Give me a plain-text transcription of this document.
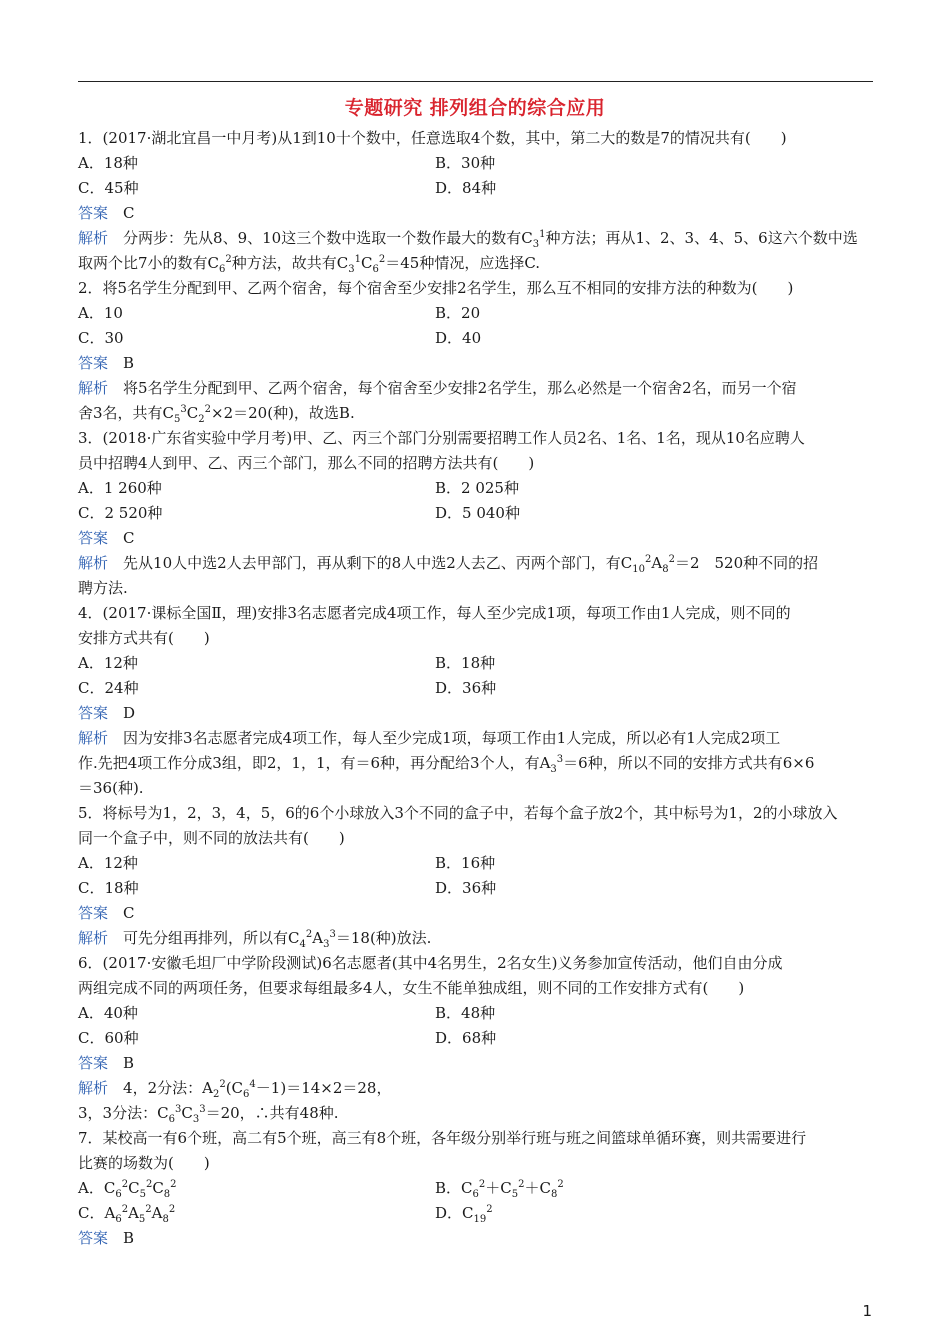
专题研究 排列组合的综合应用
1．(2017·湖北宜昌一中月考)从1到10十个数中，任意选取4个数，其中，第二大的数是7的情况共有(　　)
A．18种	B．30种
C．45种	D．84种
答案　 C
解析　 分两步：先从8、9、10这三个数中选取一个数作最大的数有$C_3^1$种方法；再从1、2、3、4、5、6这六个数中选
取两个比7小的数有$C_6^2$种方法，故共有$C_3^1C_6^2=45$种情况，应选择C.
2．将5名学生分配到甲、乙两个宿舍，每个宿舍至少安排2名学生，那么互不相同的安排方法的种数为(　　)
A．10	B．20
C．30	D．40
答案　 B
解析　 将5名学生分配到甲、乙两个宿舍，每个宿舍至少安排2名学生，那么必然是一个宿舍2名，而另一个宿
舍3名，共有$C_5^3C_2^2\times 2=20$(种)，故选B.
3．(2018·广东省实验中学月考)甲、乙、丙三个部门分别需要招聘工作人员2名、1名、1名，现从10名应聘人
员中招聘4人到甲、乙、丙三个部门，那么不同的招聘方法共有(　　)
A．1 260种	B．2 025种
C．2 520种	D．5 040种
答案　 C
解析　 先从10人中选2人去甲部门，再从剩下的8人中选2人去乙、丙两个部门，有$C_{10}^2A_8^2=2$　520种不同的招
聘方法.
4．(2017·课标全国Ⅱ，理)安排3名志愿者完成4项工作，每人至少完成1项，每项工作由1人完成，则不同的
安排方式共有(　　)
A．12种	B．18种
C．24种	D．36种
答案　 D
解析　 因为安排3名志愿者完成4项工作，每人至少完成1项，每项工作由1人完成，所以必有1人完成2项工
作.先把4项工作分成3组，即2，1，1，有＝6种，再分配给3个人，有$A_3^3=6$种，所以不同的安排方式共有6×6
＝36(种).
5．将标号为1，2，3，4，5，6的6个小球放入3个不同的盒子中，若每个盒子放2个，其中标号为1，2的小球放入
同一个盒子中，则不同的放法共有(　　)
A．12种	B．16种
C．18种	D．36种
答案　 C
解析　 可先分组再排列，所以有$C_4^2A_3^3=18$(种)放法.
6．(2017·安徽毛坦厂中学阶段测试)6名志愿者(其中4名男生，2名女生)义务参加宣传活动，他们自由分成
两组完成不同的两项任务，但要求每组最多4人，女生不能单独成组，则不同的工作安排方式有(　　)
A．40种	B．48种
C．60种	D．68种
答案　 B
解析　 4，2分法：$A_2^2(C_6^4-1)=14\times 2=28$，
3，3分法：$C_6^3C_3^3=20$，∴共有48种.
7．某校高一有6个班，高二有5个班，高三有8个班，各年级分别举行班与班之间篮球单循环赛，则共需要进行
比赛的场数为(　　)
A．$C_6^2C_5^2C_8^2$	B．$C_6^2+C_5^2+C_8^2$
C．$A_6^2A_5^2A_8^2$	D．$C_{19}^2$
答案　 B
1
